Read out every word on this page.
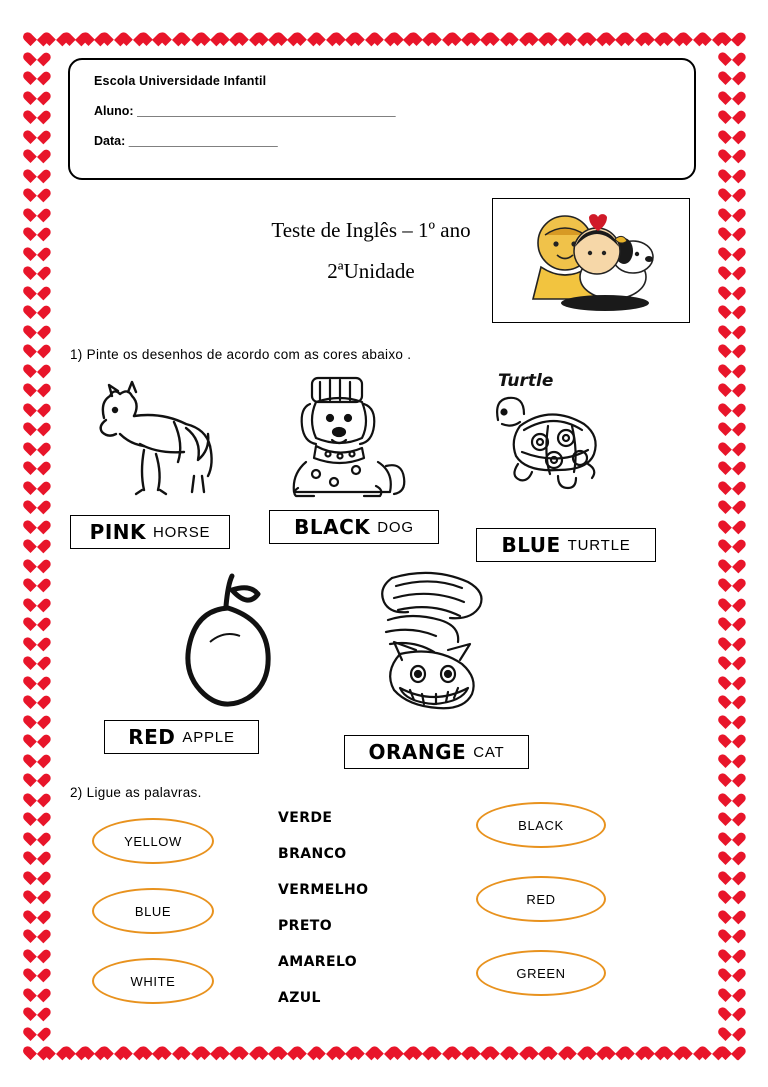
Escola Universidade Infantil
Aluno: ________________________________________
Data: _______________________
Teste de Inglês – 1º ano
2ªUnidade
1) Pinte os desenhos de acordo com as cores abaixo .
Turtle
PINK HORSE	BLACK DOG
BLUE TURTLE
RED APPLE
ORANGE CAT
2) Ligue as palavras.
YELLOW
BLUE
WHITE
VERDE
BRANCO
VERMELHO
PRETO
AMARELO
AZUL
BLACK
RED
GREEN
